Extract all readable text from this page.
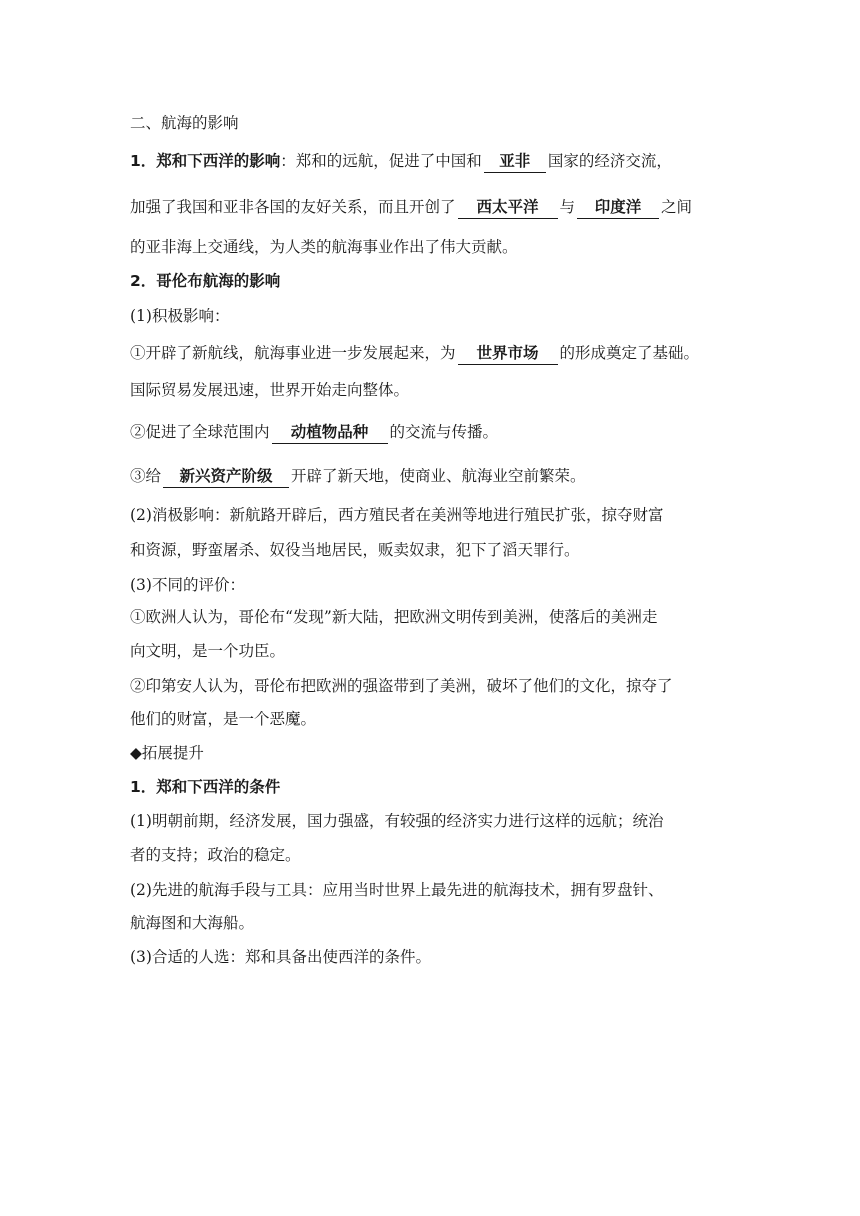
二、航海的影响
1．郑和下西洋的影响：郑和的远航，促进了中国和 亚非 国家的经济交流，
加强了我国和亚非各国的友好关系，而且开创了 西太平洋 与 印度洋 之间
的亚非海上交通线，为人类的航海事业作出了伟大贡献。
2．哥伦布航海的影响
(1)积极影响：
①开辟了新航线，航海事业进一步发展起来，为 世界市场 的形成奠定了基础。
国际贸易发展迅速，世界开始走向整体。
②促进了全球范围内 动植物品种 的交流与传播。
③给 新兴资产阶级 开辟了新天地，使商业、航海业空前繁荣。
(2)消极影响：新航路开辟后，西方殖民者在美洲等地进行殖民扩张，掠夺财富
和资源，野蛮屠杀、奴役当地居民，贩卖奴隶，犯下了滔天罪行。
(3)不同的评价：
①欧洲人认为，哥伦布“发现”新大陆，把欧洲文明传到美洲，使落后的美洲走
向文明，是一个功臣。
②印第安人认为，哥伦布把欧洲的强盗带到了美洲，破坏了他们的文化，掠夺了
他们的财富，是一个恶魔。
◆拓展提升
1．郑和下西洋的条件
(1)明朝前期，经济发展，国力强盛，有较强的经济实力进行这样的远航；统治
者的支持；政治的稳定。
(2)先进的航海手段与工具：应用当时世界上最先进的航海技术，拥有罗盘针、
航海图和大海船。
(3)合适的人选：郑和具备出使西洋的条件。
